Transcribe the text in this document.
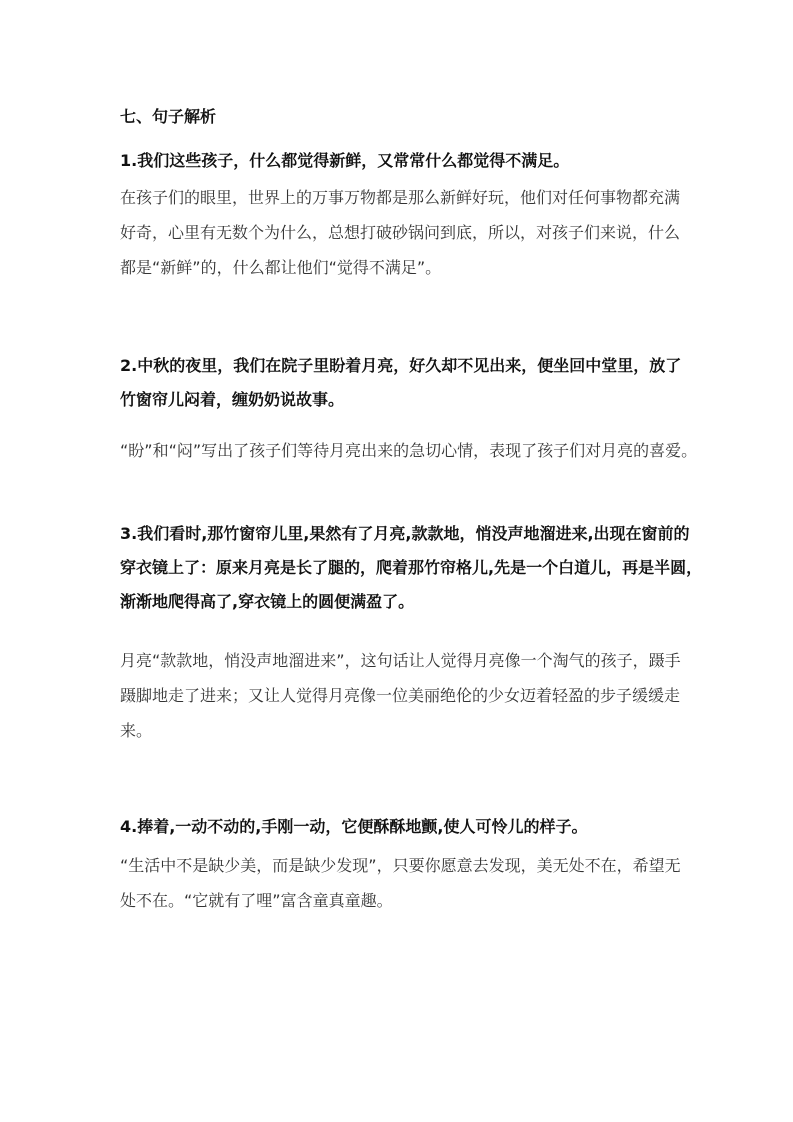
七、句子解析

1.我们这些孩子，什么都觉得新鲜，又常常什么都觉得不满足。

在孩子们的眼里，世界上的万事万物都是那么新鲜好玩，他们对任何事物都充满
好奇，心里有无数个为什么，总想打破砂锅问到底，所以，对孩子们来说，什么
都是“新鲜”的，什么都让他们“觉得不满足”。

2.中秋的夜里，我们在院子里盼着月亮，好久却不见出来，便坐回中堂里，放了
竹窗帘儿闷着，缠奶奶说故事。

“盼”和“闷”写出了孩子们等待月亮出来的急切心情，表现了孩子们对月亮的喜爱。

3.我们看时,那竹窗帘儿里,果然有了月亮,款款地，悄没声地溜进来,出现在窗前的
穿衣镜上了：原来月亮是长了腿的，爬着那竹帘格儿,先是一个白道儿，再是半圆，
渐渐地爬得高了,穿衣镜上的圆便满盈了。

月亮“款款地，悄没声地溜进来”，这句话让人觉得月亮像一个淘气的孩子，蹑手
蹑脚地走了进来；又让人觉得月亮像一位美丽绝伦的少女迈着轻盈的步子缓缓走
来。

4.捧着,一动不动的,手刚一动，它便酥酥地颤,使人可怜儿的样子。

“生活中不是缺少美，而是缺少发现”，只要你愿意去发现，美无处不在，希望无
处不在。“它就有了哩”富含童真童趣。
